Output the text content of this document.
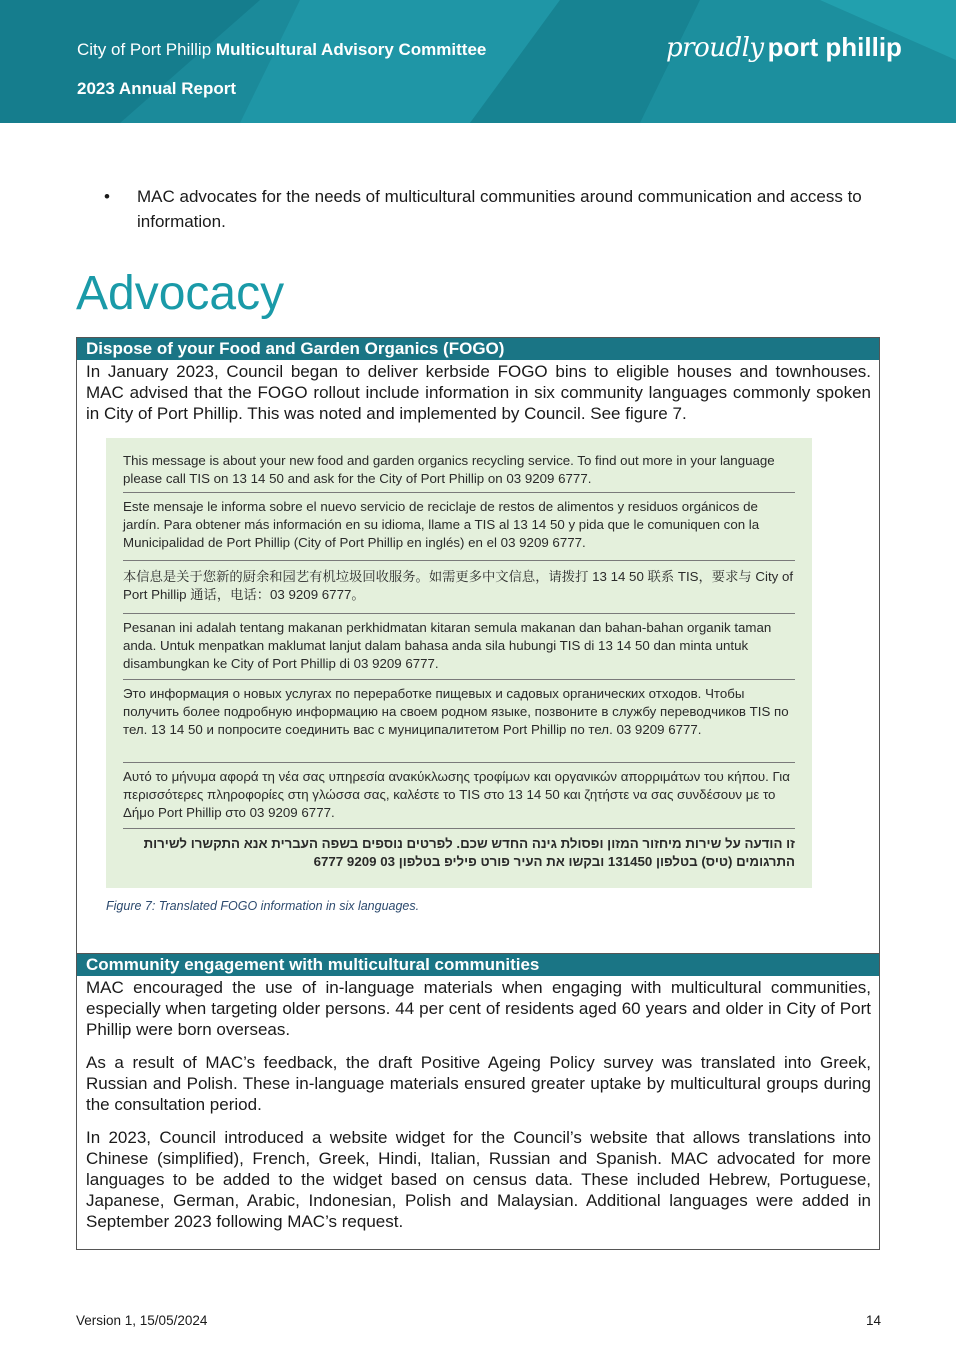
City of Port Phillip Multicultural Advisory Committee
2023 Annual Report
proudly port phillip
• MAC advocates for the needs of multicultural communities around communication and access to information.
Advocacy
Dispose of your Food and Garden Organics (FOGO)
In January 2023, Council began to deliver kerbside FOGO bins to eligible houses and townhouses. MAC advised that the FOGO rollout include information in six community languages commonly spoken in City of Port Phillip. This was noted and implemented by Council. See figure 7.
This message is about your new food and garden organics recycling service. To find out more in your language please call TIS on 13 14 50 and ask for the City of Port Phillip on 03 9209 6777.
Este mensaje le informa sobre el nuevo servicio de reciclaje de restos de alimentos y residuos orgánicos de jardín. Para obtener más información en su idioma, llame a TIS al 13 14 50 y pida que le comuniquen con la Municipalidad de Port Phillip (City of Port Phillip en inglés) en el 03 9209 6777.
本信息是关于您新的厨余和园艺有机垃圾回收服务。如需更多中文信息，请拨打 13 14 50 联系 TIS，要求与 City of Port Phillip 通话，电话：03 9209 6777。
Pesanan ini adalah tentang makanan perkhidmatan kitaran semula makanan dan bahan-bahan organik taman anda. Untuk menpatkan maklumat lanjut dalam bahasa anda sila hubungi TIS di 13 14 50 dan minta untuk disambungkan ke City of Port Phillip di 03 9209 6777.
Это информация о новых услугах по переработке пищевых и садовых органических отходов. Чтобы получить более подробную информацию на своем родном языке, позвоните в службу переводчиков TIS по тел. 13 14 50 и попросите соединить вас с муниципалитетом Port Phillip по тел. 03 9209 6777.
Αυτό το μήνυμα αφορά τη νέα σας υπηρεσία ανακύκλωσης τροφίμων και οργανικών απορριμάτων του κήπου. Για περισσότερες πληροφορίες στη γλώσσα σας, καλέστε το TIS στο 13 14 50 και ζητήστε να σας συνδέσουν με το Δήμο Port Phillip στο 03 9209 6777.
זו הודעה על שירות מיחזור המזון ופסולת גינה החדש שכם. לפרטים נוספים בשפה העברית אנא התקשרו לשירות התרגומים (טיס) בטלפון 131450 ובקשו את העיר פורט פיליפ בטלפון 03 9209 6777
Figure 7: Translated FOGO information in six languages.
Community engagement with multicultural communities

MAC encouraged the use of in-language materials when engaging with multicultural communities, especially when targeting older persons. 44 per cent of residents aged 60 years and older in City of Port Phillip were born overseas.

As a result of MAC’s feedback, the draft Positive Ageing Policy survey was translated into Greek, Russian and Polish. These in-language materials ensured greater uptake by multicultural groups during the consultation period.

In 2023, Council introduced a website widget for the Council’s website that allows translations into Chinese (simplified), French, Greek, Hindi, Italian, Russian and Spanish. MAC advocated for more languages to be added to the widget based on census data. These included Hebrew, Portuguese, Japanese, German, Arabic, Indonesian, Polish and Malaysian. Additional languages were added in September 2023 following MAC’s request.

Version 1, 15/05/2024	14
